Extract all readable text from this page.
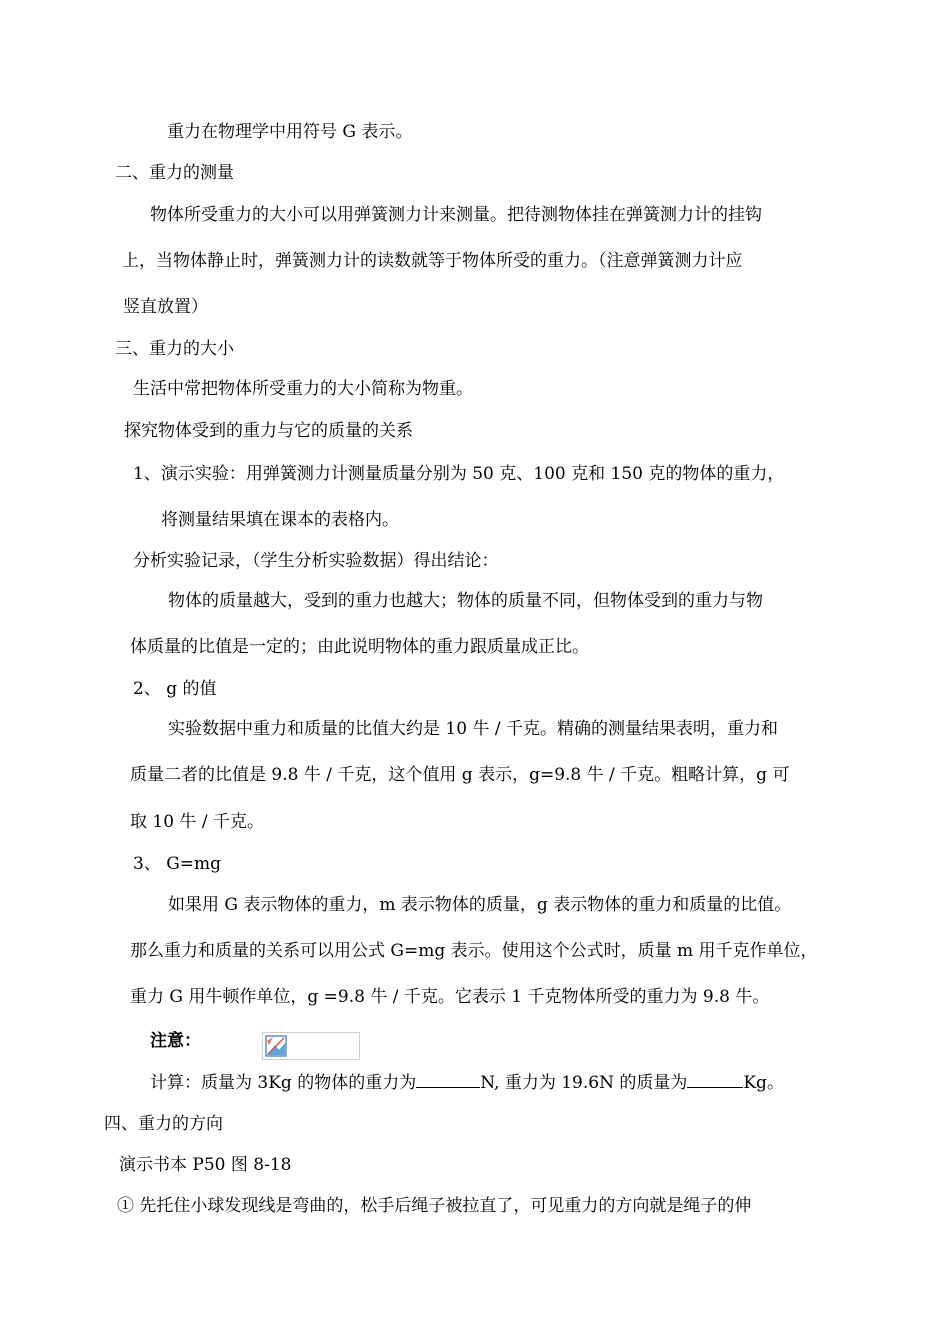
重力在物理学中用符号 G 表示。
二、重力的测量
物体所受重力的大小可以用弹簧测力计来测量。把待测物体挂在弹簧测力计的挂钩
上，当物体静止时，弹簧测力计的读数就等于物体所受的重力。（注意弹簧测力计应
竖直放置）
三、重力的大小
生活中常把物体所受重力的大小简称为物重。
探究物体受到的重力与它的质量的关系
1、演示实验：用弹簧测力计测量质量分别为 50 克、100 克和 150 克的物体的重力，
将测量结果填在课本的表格内。
分析实验记录，（学生分析实验数据）得出结论：
物体的质量越大，受到的重力也越大；物体的质量不同，但物体受到的重力与物
体质量的比值是一定的；由此说明物体的重力跟质量成正比。
2、 g 的值
实验数据中重力和质量的比值大约是 10 牛 / 千克。精确的测量结果表明，重力和
质量二者的比值是 9.8 牛 / 千克，这个值用 g 表示，g=9.8 牛 / 千克。粗略计算，g 可
取 10 牛 / 千克。
3、 G=mg
如果用 G 表示物体的重力，m 表示物体的质量，g 表示物体的重力和质量的比值。
那么重力和质量的关系可以用公式 G=mg 表示。使用这个公式时，质量 m 用千克作单位，
重力 G 用牛顿作单位，g =9.8 牛 / 千克。它表示 1 千克物体所受的重力为 9.8 牛。
注意：
计算：质量为 3Kg 的物体的重力为	N, 重力为 19.6N 的质量为	Kg。
四、重力的方向
演示书本 P50 图 8-18
① 先托住小球发现线是弯曲的，松手后绳子被拉直了，可见重力的方向就是绳子的伸
